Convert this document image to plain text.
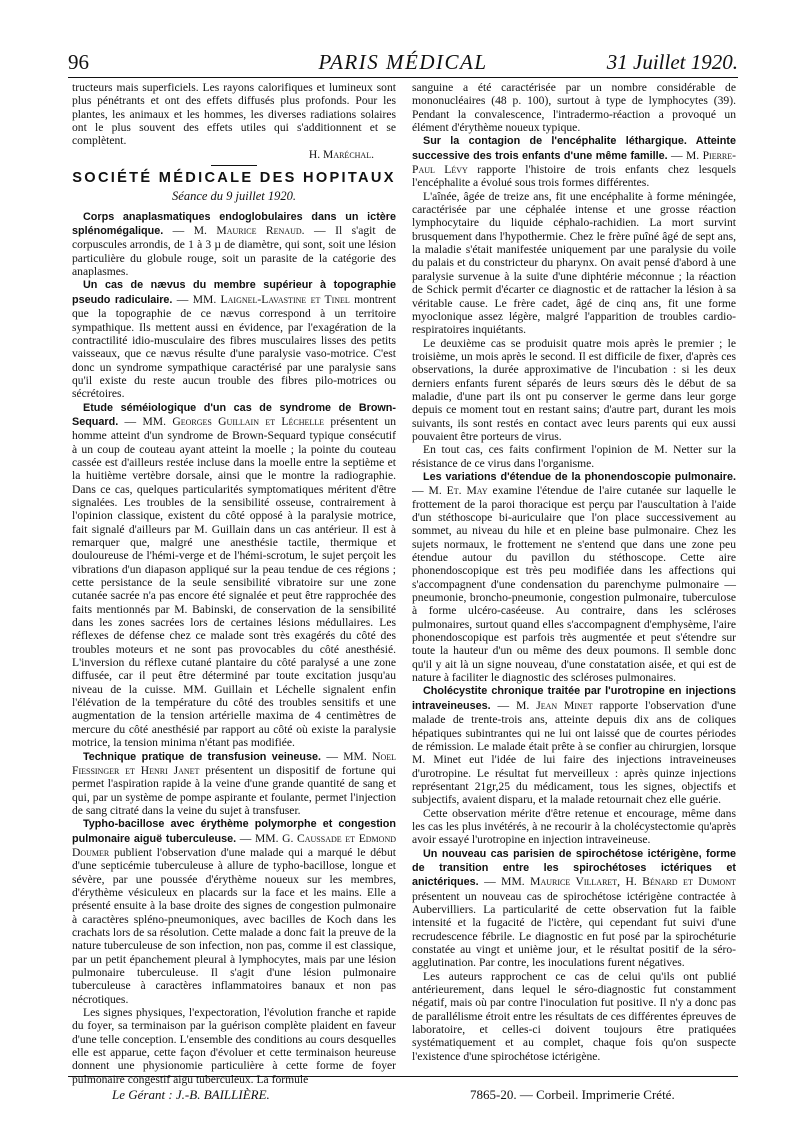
96	PARIS MÉDICAL	31 Juillet 1920.

tructeurs mais superficiels. Les rayons calorifiques et lumineux sont plus pénétrants et ont des effets diffusés plus profonds. Pour les plantes, les animaux et les hommes, les diverses radiations solaires ont le plus souvent des effets utiles qui s'additionnent et se complètent.

H. Maréchal.

SOCIÉTÉ MÉDICALE DES HOPITAUX
Séance du 9 juillet 1920.

Corps anaplasmatiques endoglobulaires dans un ictère splénomégalique. — M. Maurice Renaud. — Il s'agit de corpuscules arrondis, de 1 à 3 µ de diamètre, qui sont, soit une lésion particulière du globule rouge, soit un parasite de la catégorie des anaplasmes.

Un cas de nævus du membre supérieur à topographie pseudo radiculaire. — MM. Laignel-Lavastine et Tinel montrent que la topographie de ce nævus correspond à un territoire sympathique. Ils mettent aussi en évidence, par l'exagération de la contractilité idio-musculaire des fibres musculaires lisses des petits vaisseaux, que ce nævus résulte d'une paralysie vaso-motrice. C'est donc un syndrome sympathique caractérisé par une paralysie sans qu'il existe du reste aucun trouble des fibres pilo-motrices ou sécrétoires.

Etude séméiologique d'un cas de syndrome de Brown-Sequard. — MM. Georges Guillain et Léchelle présentent un homme atteint d'un syndrome de Brown-Sequard typique consécutif à un coup de couteau ayant atteint la moelle ; la pointe du couteau cassée est d'ailleurs restée incluse dans la moelle entre la septième et la huitième vertèbre dorsale, ainsi que le montre la radiographie. Dans ce cas, quelques particularités symptomatiques méritent d'être signalées. Les troubles de la sensibilité osseuse, contrairement à l'opinion classique, existent du côté opposé à la paralysie motrice, fait signalé d'ailleurs par M. Guillain dans un cas antérieur. Il est à remarquer que, malgré une anesthésie tactile, thermique et douloureuse de l'hémi-verge et de l'hémi-scrotum, le sujet perçoit les vibrations d'un diapason appliqué sur la peau tendue de ces régions ; cette persistance de la seule sensibilité vibratoire sur une zone cutanée sacrée n'a pas encore été signalée et peut être rapprochée des faits mentionnés par M. Babinski, de conservation de la sensibilité dans les zones sacrées lors de certaines lésions médullaires. Les réflexes de défense chez ce malade sont très exagérés du côté des troubles moteurs et ne sont pas provocables du côté anesthésié. L'inversion du réflexe cutané plantaire du côté paralysé a une zone diffusée, car il peut être déterminé par toute excitation jusqu'au niveau de la cuisse. MM. Guillain et Léchelle signalent enfin l'élévation de la température du côté des troubles sensitifs et une augmentation de la tension artérielle maxima de 4 centimètres de mercure du côté anesthésié par rapport au côté où existe la paralysie motrice, la tension minima n'étant pas modifiée.

Technique pratique de transfusion veineuse. — MM. Noel Fiessinger et Henri Janet présentent un dispositif de fortune qui permet l'aspiration rapide à la veine d'une grande quantité de sang et qui, par un système de pompe aspirante et foulante, permet l'injection de sang citraté dans la veine du sujet à transfuser.

Typho-bacillose avec érythème polymorphe et congestion pulmonaire aiguë tuberculeuse. — MM. G. Caussade et Edmond Doumer publient l'observation d'une malade qui a marqué le début d'une septicémie tuberculeuse à allure de typho-bacillose, longue et sévère, par une poussée d'érythème noueux sur les membres, d'érythème vésiculeux en placards sur la face et les mains. Elle a présenté ensuite à la base droite des signes de congestion pulmonaire à caractères spléno-pneumoniques, avec bacilles de Koch dans les crachats lors de sa résolution. Cette malade a donc fait la preuve de la nature tuberculeuse de son infection, non pas, comme il est classique, par un petit épanchement pleural à lymphocytes, mais par une lésion pulmonaire tuberculeuse. Il s'agit d'une lésion pulmonaire tuberculeuse à caractères inflammatoires banaux et non pas nécrotiques.

Les signes physiques, l'expectoration, l'évolution franche et rapide du foyer, sa terminaison par la guérison complète plaident en faveur d'une telle conception. L'ensemble des conditions au cours desquelles elle est apparue, cette façon d'évoluer et cette terminaison heureuse donnent une physionomie particulière à cette forme de foyer pulmonaire congestif aigu tuberculeux. La formule

sanguine a été caractérisée par un nombre considérable de mononucléaires (48 p. 100), surtout à type de lymphocytes (39). Pendant la convalescence, l'intradermo-réaction a provoqué un élément d'érythème noueux typique.

Sur la contagion de l'encéphalite léthargique. Atteinte successive des trois enfants d'une même famille. — M. Pierre-Paul Lévy rapporte l'histoire de trois enfants chez lesquels l'encéphalite a évolué sous trois formes différentes.

L'aînée, âgée de treize ans, fit une encéphalite à forme méningée, caractérisée par une céphalée intense et une grosse réaction lymphocytaire du liquide céphalo-rachidien. La mort survint brusquement dans l'hypothermie. Chez le frère puîné âgé de sept ans, la maladie s'était manifestée uniquement par une paralysie du voile du palais et du constricteur du pharynx. On avait pensé d'abord à une paralysie survenue à la suite d'une diphtérie méconnue ; la réaction de Schick permit d'écarter ce diagnostic et de rattacher la lésion à sa véritable cause. Le frère cadet, âgé de cinq ans, fit une forme myoclonique assez légère, malgré l'apparition de troubles cardio-respiratoires inquiétants.

Le deuxième cas se produisit quatre mois après le premier ; le troisième, un mois après le second. Il est difficile de fixer, d'après ces observations, la durée approximative de l'incubation : si les deux derniers enfants furent séparés de leurs sœurs dès le début de sa maladie, d'une part ils ont pu conserver le germe dans leur gorge depuis ce moment tout en restant sains; d'autre part, durant les mois suivants, ils sont restés en contact avec leurs parents qui eux aussi pouvaient être porteurs de virus.

En tout cas, ces faits confirment l'opinion de M. Netter sur la résistance de ce virus dans l'organisme.

Les variations d'étendue de la phonendoscopie pulmonaire. — M. Et. May examine l'étendue de l'aire cutanée sur laquelle le frottement de la paroi thoracique est perçu par l'auscultation à l'aide d'un stéthoscope bi-auriculaire que l'on place successivement au sommet, au niveau du hile et en pleine base pulmonaire. Chez les sujets normaux, le frottement ne s'entend que dans une zone peu étendue autour du pavillon du stéthoscope. Cette aire phonendoscopique est très peu modifiée dans les affections qui s'accompagnent d'une condensation du parenchyme pulmonaire — pneumonie, broncho-pneumonie, congestion pulmonaire, tuberculose à forme ulcéro-caséeuse. Au contraire, dans les scléroses pulmonaires, surtout quand elles s'accompagnent d'emphysème, l'aire phonendoscopique est parfois très augmentée et peut s'étendre sur toute la hauteur d'un ou même des deux poumons. Il semble donc qu'il y ait là un signe nouveau, d'une constatation aisée, et qui est de nature à faciliter le diagnostic des scléroses pulmonaires.

Cholécystite chronique traitée par l'urotropine en injections intraveineuses. — M. Jean Minet rapporte l'observation d'une malade de trente-trois ans, atteinte depuis dix ans de coliques hépatiques subintrantes qui ne lui ont laissé que de courtes périodes de rémission. Le malade était prête à se confier au chirurgien, lorsque M. Minet eut l'idée de lui faire des injections intraveineuses d'urotropine. Le résultat fut merveilleux : après quinze injections représentant 21gr,25 du médicament, tous les signes, objectifs et subjectifs, avaient disparu, et la malade retournait chez elle guérie.

Cette observation mérite d'être retenue et encourage, même dans les cas les plus invétérés, à ne recourir à la cholécystectomie qu'après avoir essayé l'urotropine en injection intraveineuse.

Un nouveau cas parisien de spirochétose ictérigène, forme de transition entre les spirochétoses ictériques et anictériques. — MM. Maurice Villaret, H. Bénard et Dumont présentent un nouveau cas de spirochétose ictérigène contractée à Aubervilliers. La particularité de cette observation fut la faible intensité et la fugacité de l'ictère, qui cependant fut suivi d'une recrudescence fébrile. Le diagnostic en fut posé par la spirochéturie constatée au vingt et unième jour, et le résultat positif de la séro-agglutination. Par contre, les inoculations furent négatives.

Les auteurs rapprochent ce cas de celui qu'ils ont publié antérieurement, dans lequel le séro-diagnostic fut constamment négatif, mais où par contre l'inoculation fut positive. Il n'y a donc pas de parallélisme étroit entre les résultats de ces différentes épreuves de laboratoire, et celles-ci doivent toujours être pratiquées systématiquement et au complet, chaque fois qu'on suspecte l'existence d'une spirochétose ictérigène.

Le Gérant : J.-B. BAILLIÈRE.	7865-20. — Corbeil. Imprimerie Crété.
